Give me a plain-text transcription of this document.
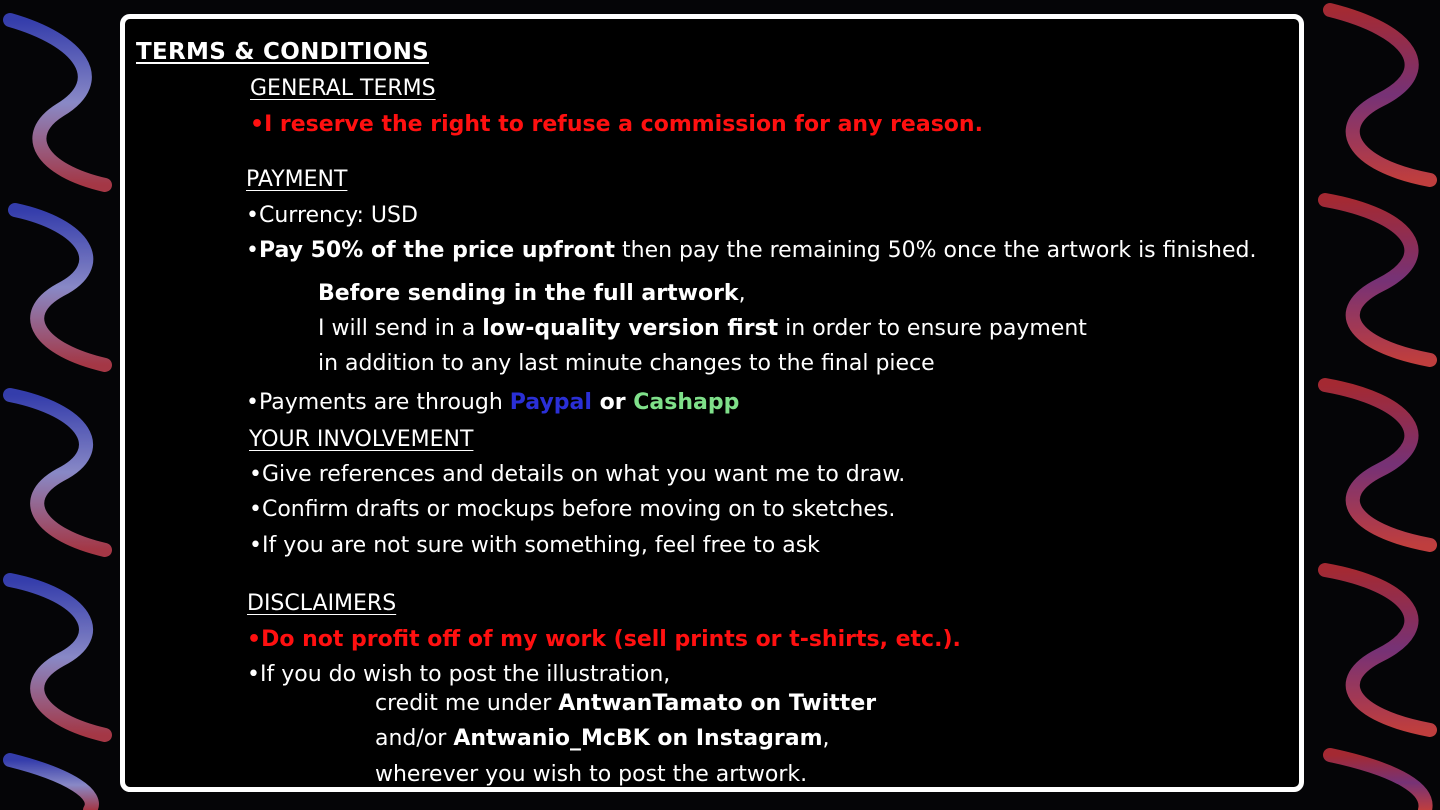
TERMS & CONDITIONS
GENERAL TERMS
•I reserve the right to refuse a commission for any reason.
PAYMENT
•Currency: USD
•Pay 50% of the price upfront then pay the remaining 50% once the artwork is finished.
Before sending in the full artwork,
I will send in a low-quality version first in order to ensure payment
in addition to any last minute changes to the final piece
•Payments are through Paypal or Cashapp
YOUR INVOLVEMENT
•Give references and details on what you want me to draw.
•Confirm drafts or mockups before moving on to sketches.
•If you are not sure with something, feel free to ask
DISCLAIMERS
•Do not profit off of my work (sell prints or t-shirts, etc.).
•If you do wish to post the illustration,
credit me under AntwanTamato on Twitter
and/or Antwanio_McBK on Instagram,
wherever you wish to post the artwork.
